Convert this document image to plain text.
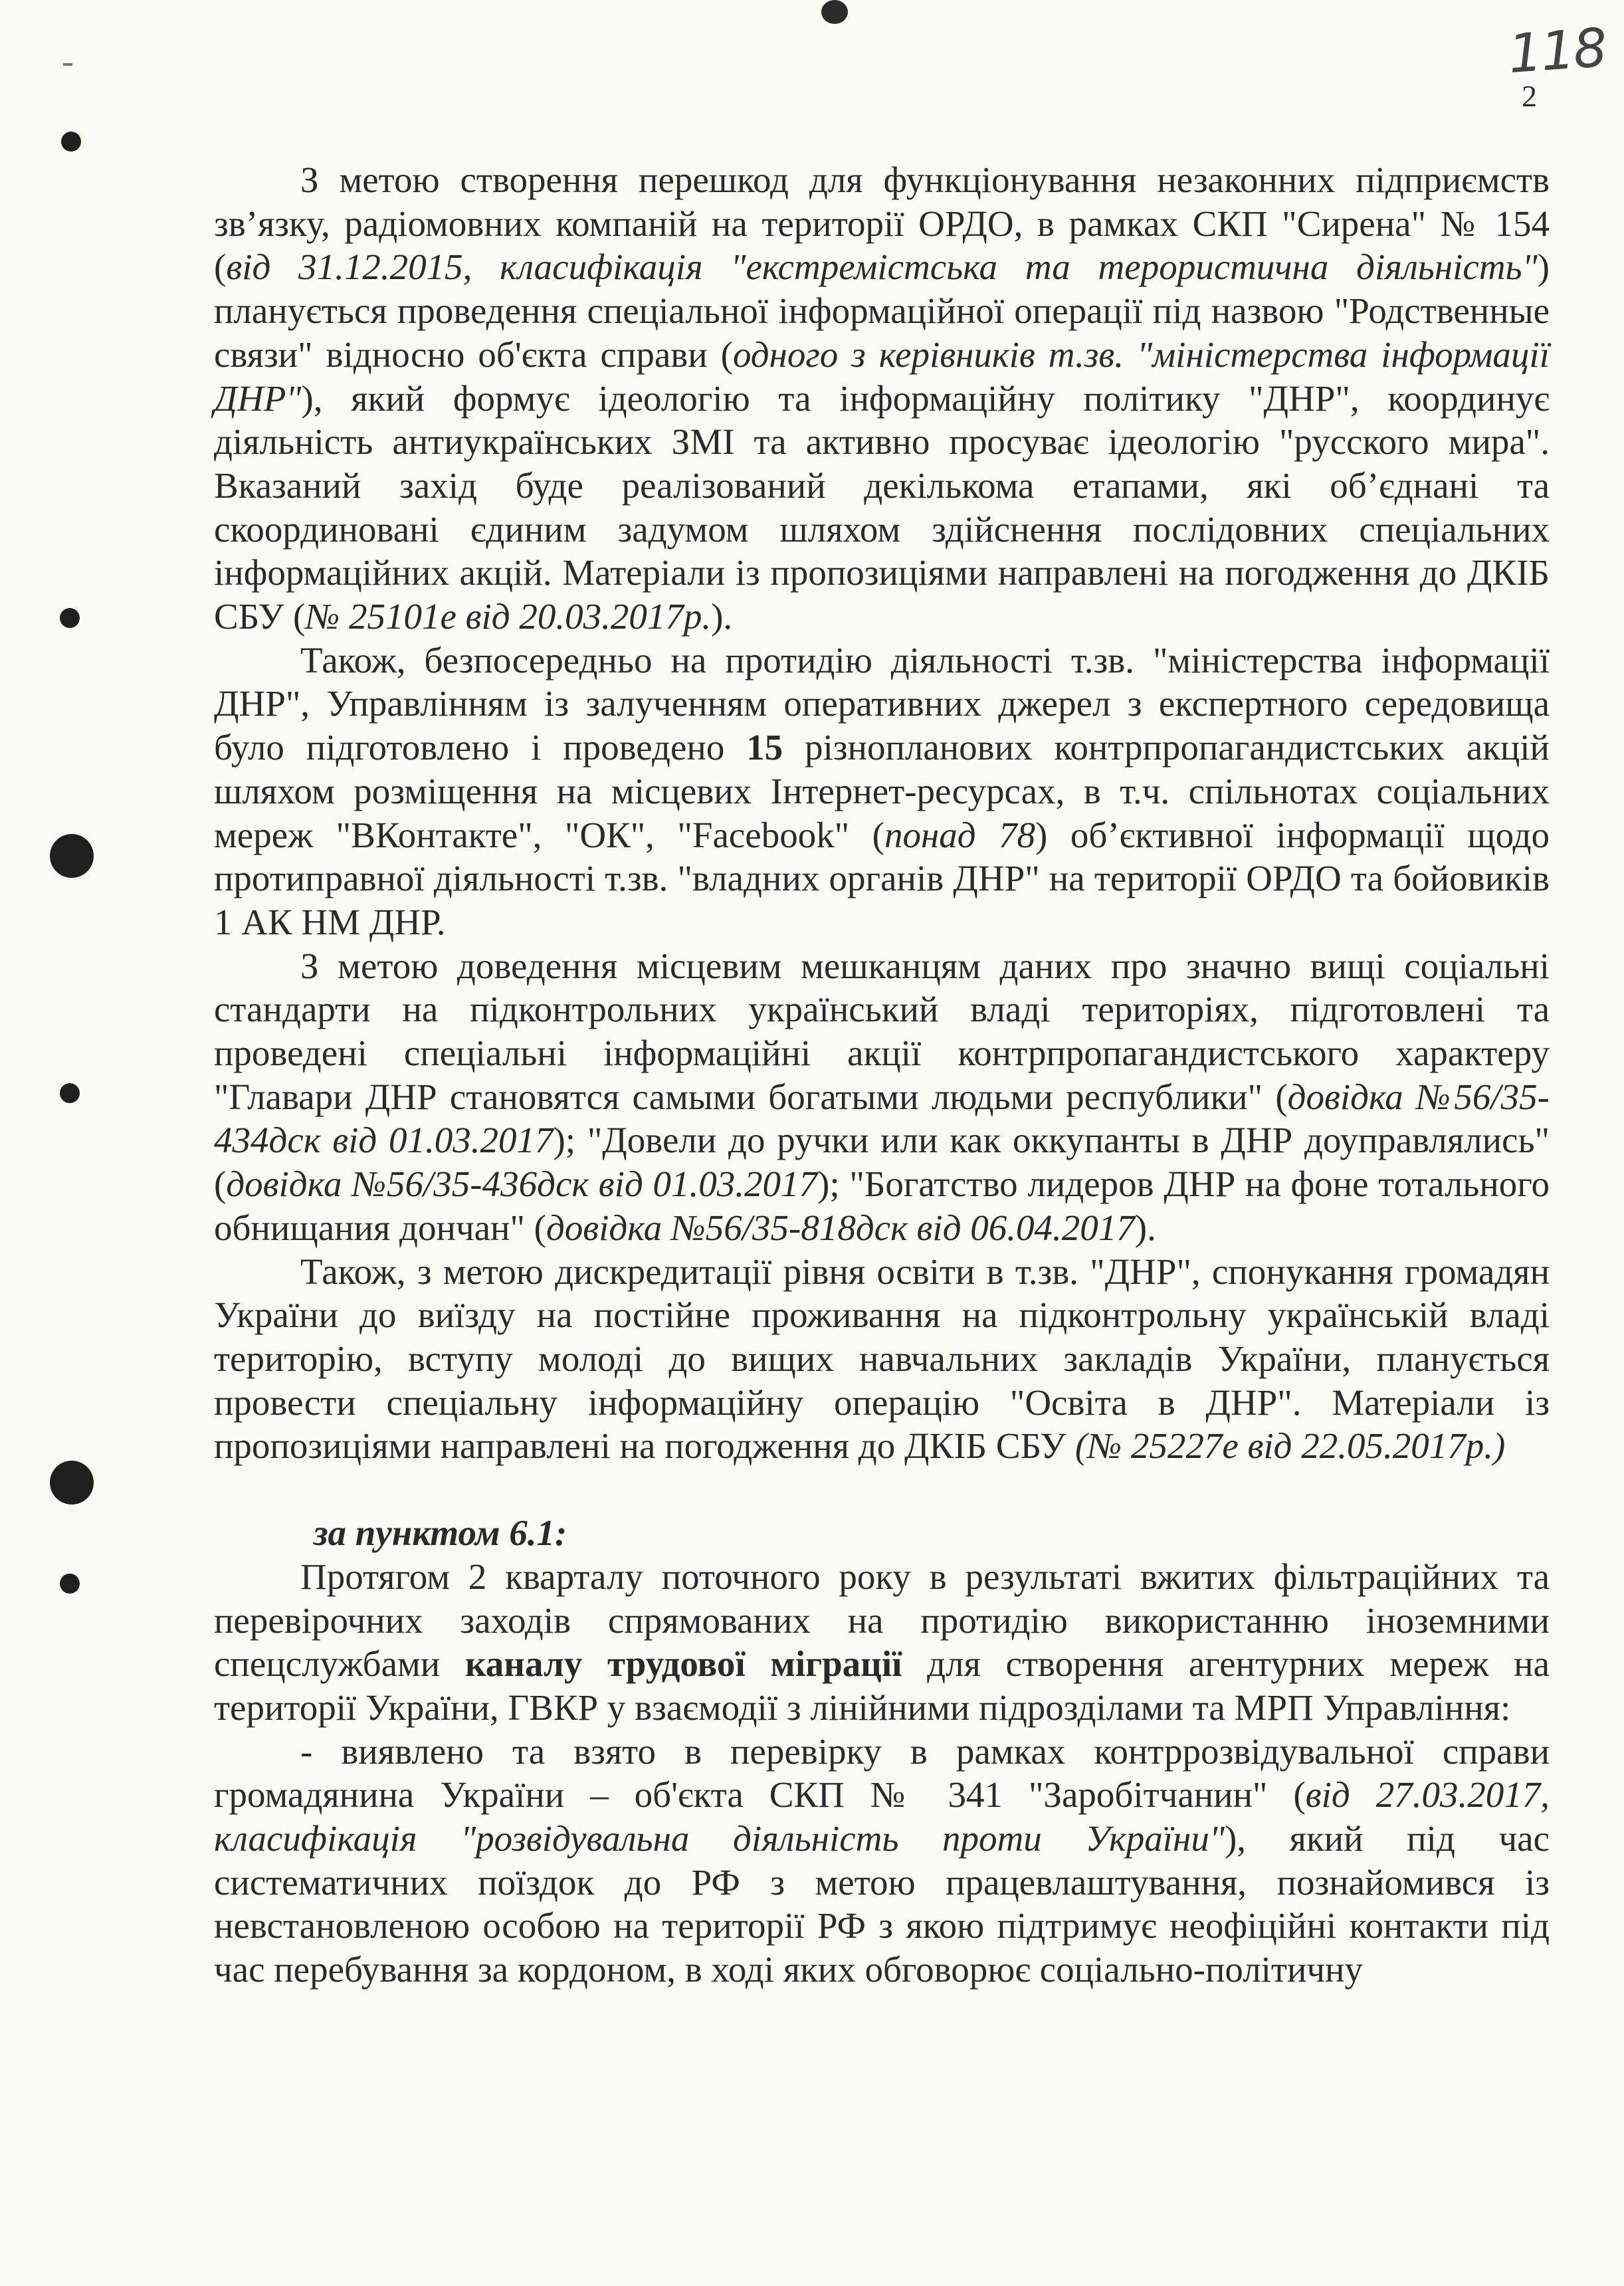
118
2

З метою створення перешкод для функціонування незаконних підприємств зв’язку, радіомовних компаній на території ОРДО, в рамках СКП "Сирена" № 154 (від 31.12.2015, класифікація "екстремістська та терористична діяльність") планується проведення спеціальної інформаційної операції під назвою "Родственные связи" відносно об'єкта справи (одного з керівників т.зв. "міністерства інформації ДНР"), який формує ідеологію та інформаційну політику "ДНР", координує діяльність антиукраїнських ЗМІ та активно просуває ідеологію "русского мира". Вказаний захід буде реалізований декількома етапами, які об’єднані та скоординовані єдиним задумом шляхом здійснення послідовних спеціальних інформаційних акцій. Матеріали із пропозиціями направлені на погодження до ДКІБ СБУ (№ 25101е від 20.03.2017р.).

Також, безпосередньо на протидію діяльності т.зв. "міністерства інформації ДНР", Управлінням із залученням оперативних джерел з експертного середовища було підготовлено і проведено 15 різнопланових контрпропагандистських акцій шляхом розміщення на місцевих Інтернет-ресурсах, в т.ч. спільнотах соціальних мереж "ВКонтакте", "ОК", "Facebook" (понад 78) об’єктивної інформації щодо протиправної діяльності т.зв. "владних органів ДНР" на території ОРДО та бойовиків 1 АК НМ ДНР.

З метою доведення місцевим мешканцям даних про значно вищі соціальні стандарти на підконтрольних український владі територіях, підготовлені та проведені спеціальні інформаційні акції контрпропагандистського характеру "Главари ДНР становятся самыми богатыми людьми республики" (довідка №56/35-434дск від 01.03.2017); "Довели до ручки или как оккупанты в ДНР доуправлялись" (довідка №56/35-436дск від 01.03.2017); "Богатство лидеров ДНР на фоне тотального обнищания дончан" (довідка №56/35-818дск від 06.04.2017).

Також, з метою дискредитації рівня освіти в т.зв. "ДНР", спонукання громадян України до виїзду на постійне проживання на підконтрольну українській владі територію, вступу молоді до вищих навчальних закладів України, планується провести спеціальну інформаційну операцію "Освіта в ДНР". Матеріали із пропозиціями направлені на погодження до ДКІБ СБУ (№ 25227е від 22.05.2017р.)

за пунктом 6.1:

Протягом 2 кварталу поточного року в результаті вжитих фільтраційних та перевірочних заходів спрямованих на протидію використанню іноземними спецслужбами каналу трудової міграції для створення агентурних мереж на території України, ГВКР у взаємодії з лінійними підрозділами та МРП Управління:

- виявлено та взято в перевірку в рамках контррозвідувальної справи громадянина України – об'єкта СКП № 341 "Заробітчанин" (від 27.03.2017, класифікація "розвідувальна діяльність проти України"), який під час систематичних поїздок до РФ з метою працевлаштування, познайомився із невстановленою особою на території РФ з якою підтримує неофіційні контакти під час перебування за кордоном, в ході яких обговорює соціально-політичну
